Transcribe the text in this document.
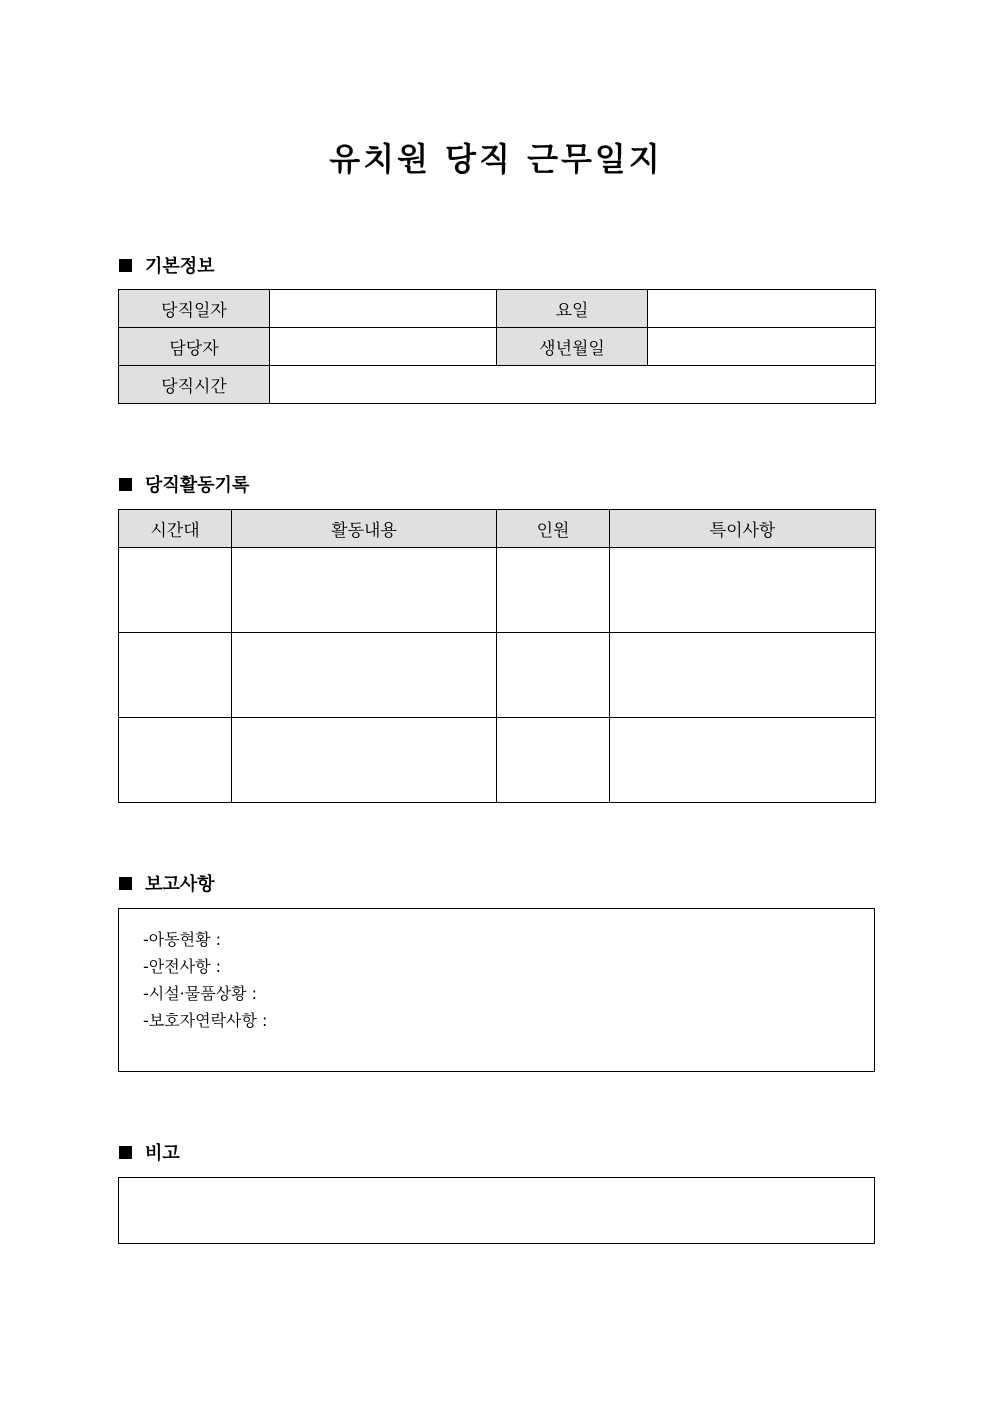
유치원 당직 근무일지
기본정보
당직일자		요일	
담당자		생년월일	
당직시간			
당직활동기록
시간대	활동내용	인원	특이사항

보고사항
-아동현황 :
-안전사항 :
-시설·물품상황 :
-보호자연락사항 :
비고
